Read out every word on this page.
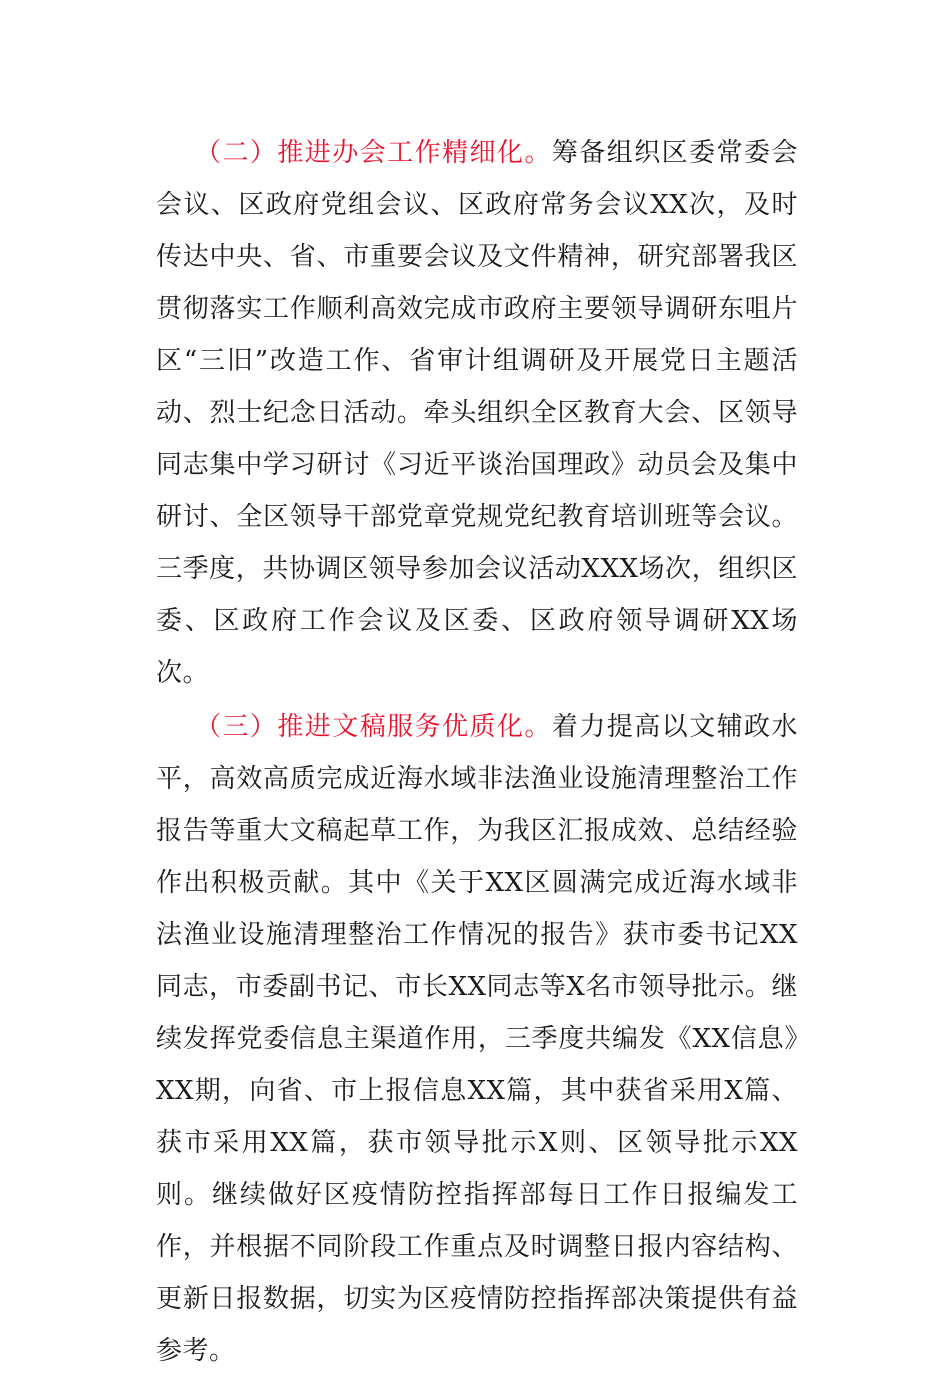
（二）推进办会工作精细化。筹备组织区委常委会会议、区政府党组会议、区政府常务会议XX次，及时传达中央、省、市重要会议及文件精神，研究部署我区贯彻落实工作顺利高效完成市政府主要领导调研东咀片区“三旧”改造工作、省审计组调研及开展党日主题活动、烈士纪念日活动。牵头组织全区教育大会、区领导同志集中学习研讨《习近平谈治国理政》动员会及集中研讨、全区领导干部党章党规党纪教育培训班等会议。三季度，共协调区领导参加会议活动XXX场次，组织区委、区政府工作会议及区委、区政府领导调研XX场次。

（三）推进文稿服务优质化。着力提高以文辅政水平，高效高质完成近海水域非法渔业设施清理整治工作报告等重大文稿起草工作，为我区汇报成效、总结经验作出积极贡献。其中《关于XX区圆满完成近海水域非法渔业设施清理整治工作情况的报告》获市委书记XX同志，市委副书记、市长XX同志等X名市领导批示。继续发挥党委信息主渠道作用，三季度共编发《XX信息》XX期，向省、市上报信息XX篇，其中获省采用X篇、获市采用XX篇，获市领导批示X则、区领导批示XX则。继续做好区疫情防控指挥部每日工作日报编发工作，并根据不同阶段工作重点及时调整日报内容结构、更新日报数据，切实为区疫情防控指挥部决策提供有益参考。
